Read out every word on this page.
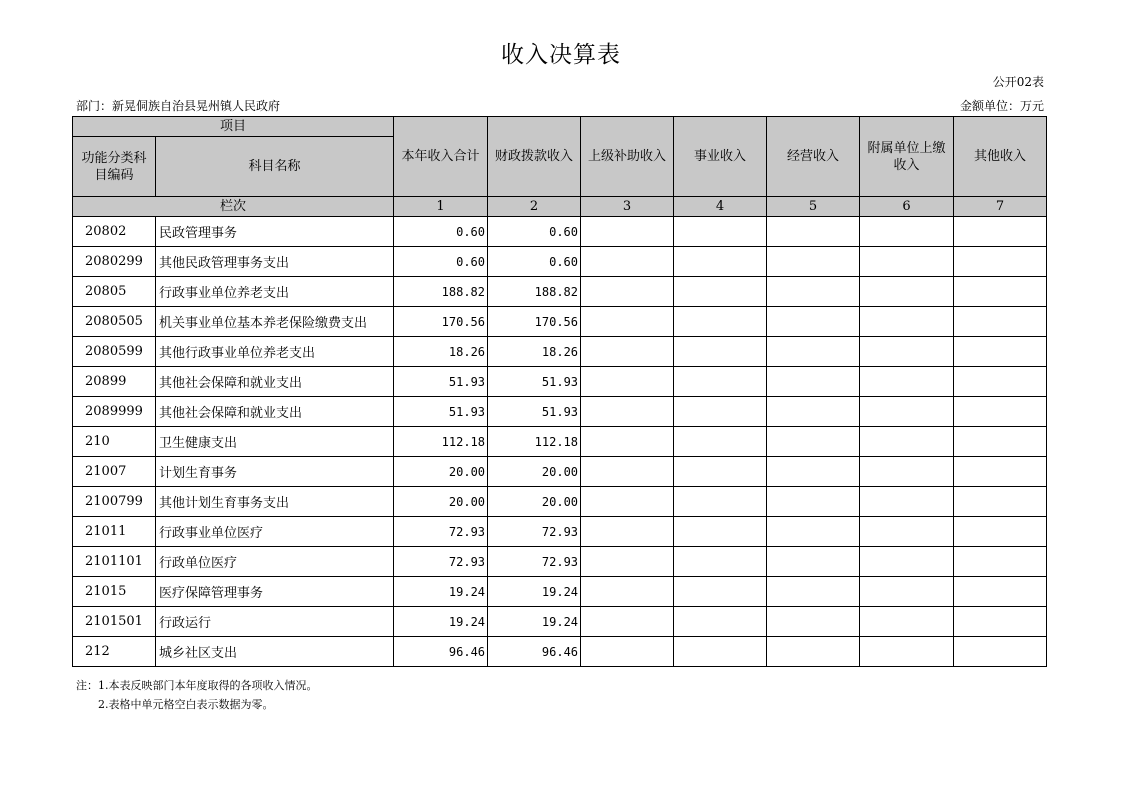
收入决算表
公开02表
部门：新晃侗族自治县晃州镇人民政府	金额单位：万元
项目		本年收入合计	财政拨款收入	上级补助收入	事业收入	经营收入	附属单位上缴收入	其他收入
功能分类科目编码	科目名称							
栏次		1	2	3	4	5	6	7
20802	民政管理事务	0.60	0.60					
2080299	其他民政管理事务支出	0.60	0.60					
20805	行政事业单位养老支出	188.82	188.82					
2080505	机关事业单位基本养老保险缴费支出	170.56	170.56					
2080599	其他行政事业单位养老支出	18.26	18.26					
20899	其他社会保障和就业支出	51.93	51.93					
2089999	其他社会保障和就业支出	51.93	51.93					
210	卫生健康支出	112.18	112.18					
21007	计划生育事务	20.00	20.00					
2100799	其他计划生育事务支出	20.00	20.00					
21011	行政事业单位医疗	72.93	72.93					
2101101	行政单位医疗	72.93	72.93					
21015	医疗保障管理事务	19.24	19.24					
2101501	行政运行	19.24	19.24					
212	城乡社区支出	96.46	96.46					
注：1.本表反映部门本年度取得的各项收入情况。
2.表格中单元格空白表示数据为零。
